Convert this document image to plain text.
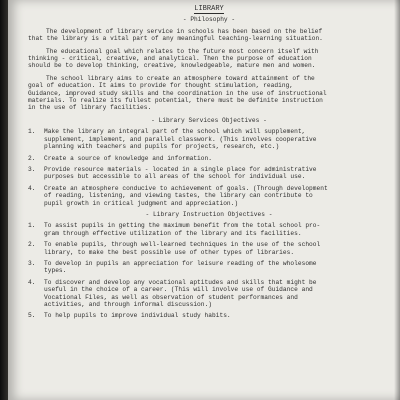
LIBRARY
- Philosophy -
The development of library service in schools has been based on the belief
that the library is a vital part of any meaningful teaching-learning situation.
The educational goal which relates to the future most concern itself with
thinking - critical, creative, and analytical. Then the purpose of education
should be to develop thinking, creative, knowledgeable, mature men and women.
The school library aims to create an atmosphere toward attainment of the
goal of education. It aims to provide for thought stimulation, reading,
Guidance, improved study skills and the coordination in the use of instructional
materials. To realize its fullest potential, there must be definite instruction
in the use of library facilities.
- Library Services Objectives -
1.	Make the library an integral part of the school which will supplement,
supplement, implement, and parallel classwork. (This involves cooperative
planning with teachers and pupils for projects, research, etc.)
2.	Create a source of knowledge and information.
3.	Provide resource materials - located in a single place for administrative
purposes but accessible to all areas of the school for individual use.
4.	Create an atmosphere conducive to achievement of goals. (Through development
of reading, listening, and viewing tastes, the library can contribute to
pupil growth in critical judgment and appreciation.)
- Library Instruction Objectives -
1.	To assist pupils in getting the maximum benefit from the total school pro-
gram through effective utilization of the library and its facilities.
2.	To enable pupils, through well-learned techniques in the use of the school
library, to make the best possible use of other types of libraries.
3.	To develop in pupils an appreciation for leisure reading of the wholesome
types.
4.	To discover and develop any vocational aptitudes and skills that might be
useful in the choice of a career. (This will involve use of Guidance and
Vocational Files, as well as observation of student performances and
activities, and through informal discussion.)
5.	To help pupils to improve individual study habits.
